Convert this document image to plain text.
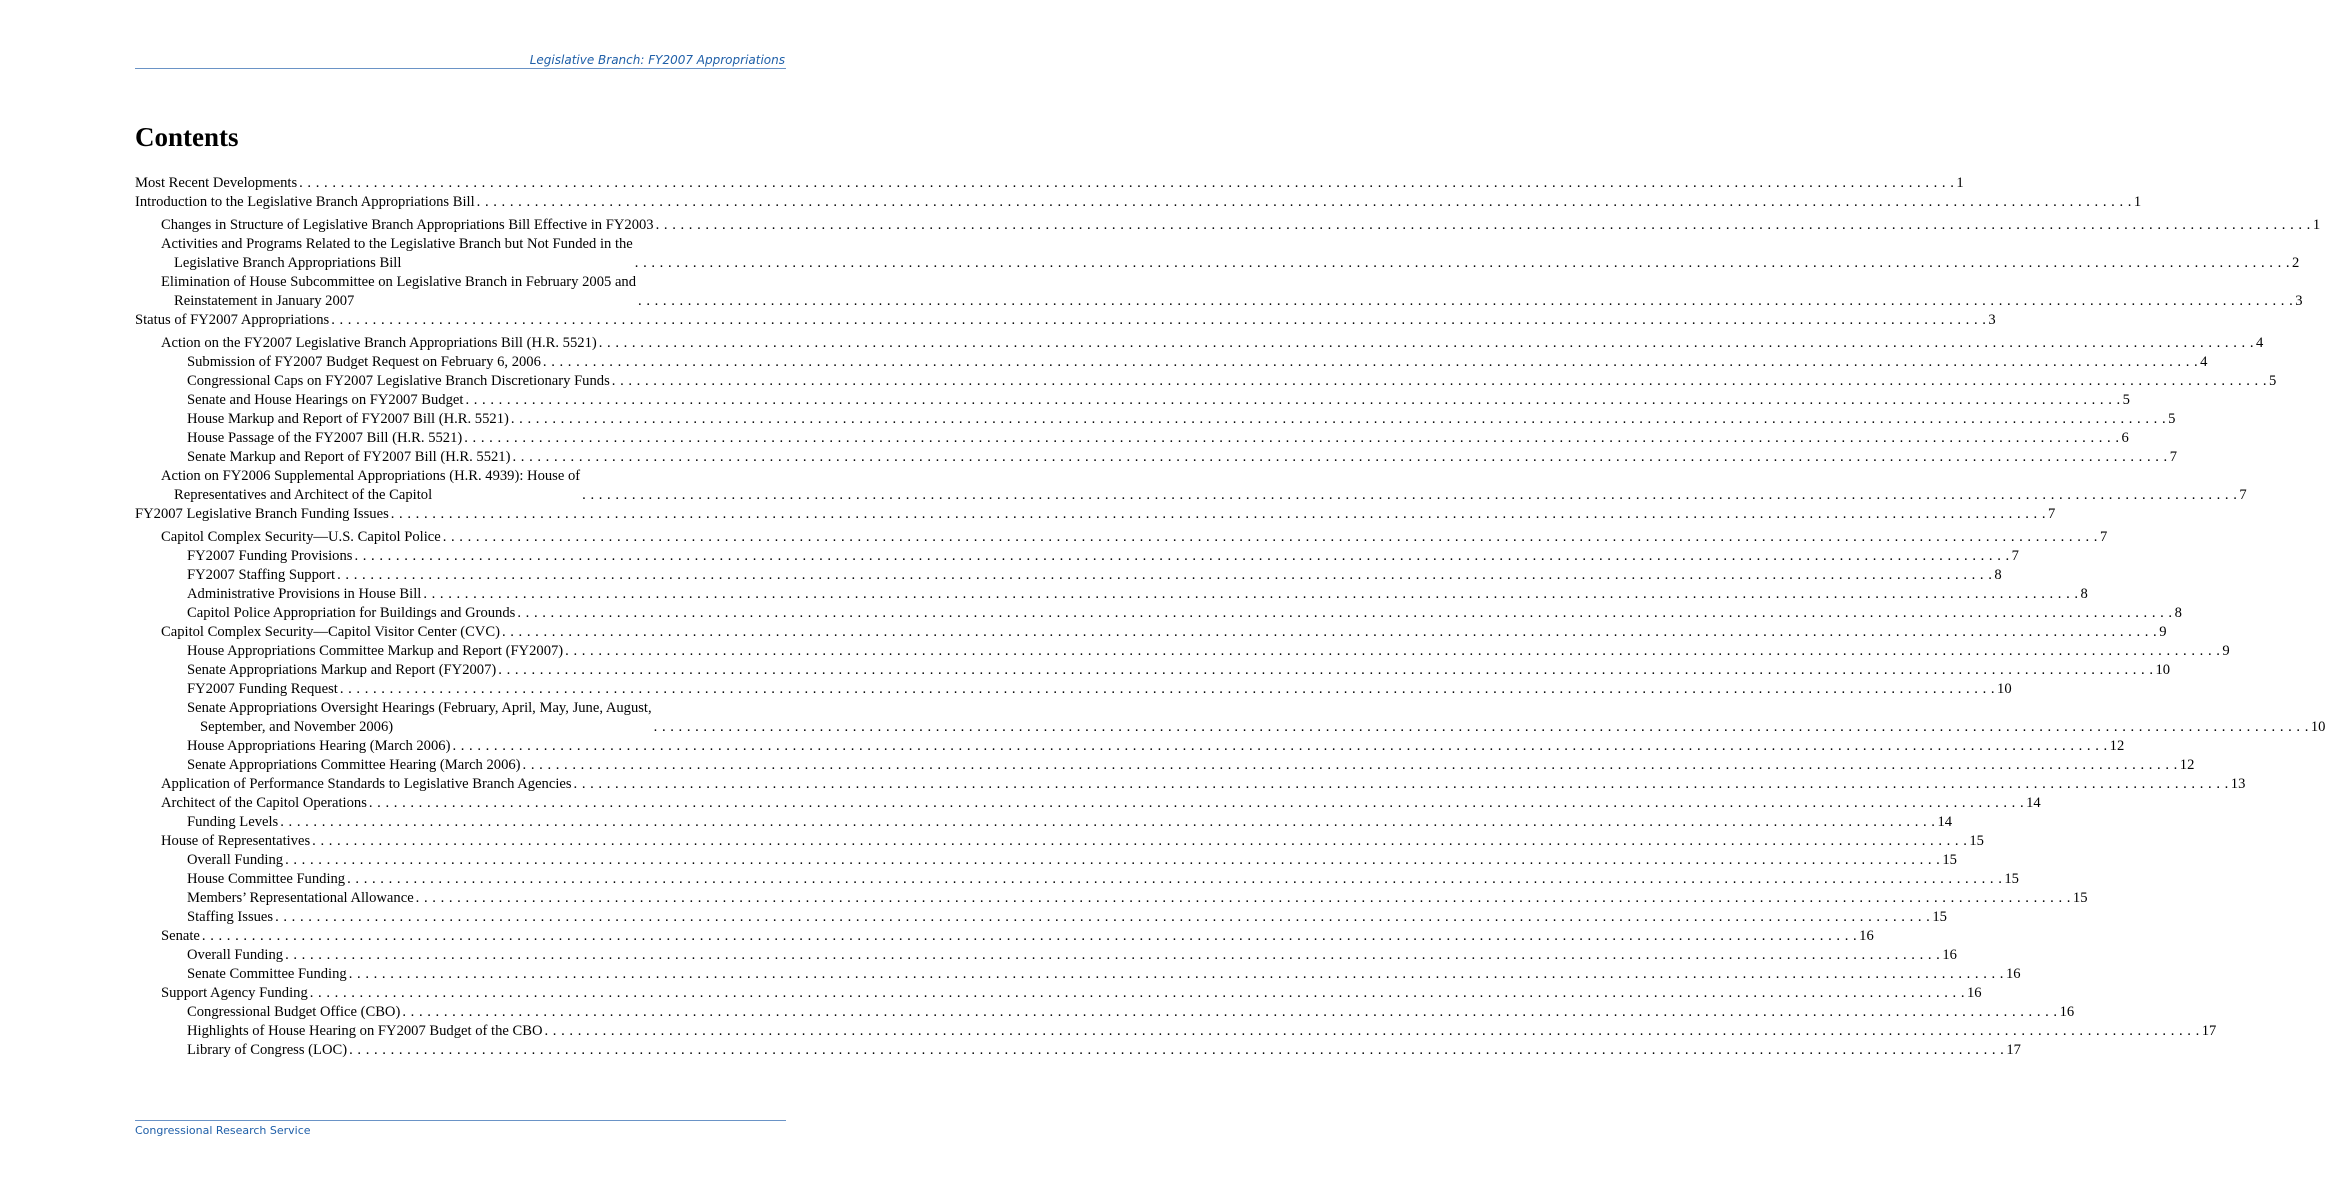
Legislative Branch: FY2007 Appropriations
Contents
Most Recent Developments . . . . . . . . . . . . . . . . . . . . . . . . . . . . . . . . . . . . . . . . . . . . . . . . . . . . . . . . . . . . . . . . . . . . . . . . . . . . . . . . . . . . . . . . . . . . . . . . . . . . . . . . . . . . . . . . . . . . . . . . . . . . . . . . . . . . . . . . . . . . . . . . . . . . . . . . . . . . . . . . . . . . . . . . . . . . . . . . . . . . . . . . . . . . . . . . . . . . . . . . 1
Introduction to the Legislative Branch Appropriations Bill . . . . . . . . . . . . . . . . . . . . . . . . . . . . . . . . . . . . . . . . . . . . . . . . . . . . . . . . . . . . . . . . . . . . . . . . . . . . . . . . . . . . . . . . . . . . . . . . . . . . . . . . . . . . . . . . . . . . . . . . . . . . . . . . . . . . . . . . . . . . . . . . . . . . . . . . . . . . . . . . . . . . . . . . . . . . . . . . . . . . . . . . . . . . . . . . . . . . . . . . 1
Changes in Structure of Legislative Branch Appropriations Bill Effective in FY2003 . . . . . . . . . . . . . . . . . . . . . . . . . . . . . . . . . . . . . . . . . . . . . . . . . . . . . . . . . . . . . . . . . . . . . . . . . . . . . . . . . . . . . . . . . . . . . . . . . . . . . . . . . . . . . . . . . . . . . . . . . . . . . . . . . . . . . . . . . . . . . . . . . . . . . . . . . . . . . . . . . . . . . . . . . . . . . . . . . . . . . . . . . . . . . . . . . . . . . . . . 1
Activities and Programs Related to the Legislative Branch but Not Funded in the
Legislative Branch Appropriations Bill	. . . . . . . . . . . . . . . . . . . . . . . . . . . . . . . . . . . . . . . . . . . . . . . . . . . . . . . . . . . . . . . . . . . . . . . . . . . . . . . . . . . . . . . . . . . . . . . . . . . . . . . . . . . . . . . . . . . . . . . . . . . . . . . . . . . . . . . . . . . . . . . . . . . . . . . . . . . . . . . . . . . . . . . . . . . . . . . . . . . . . . . . . . . . . . . . . . . . . . . . 2
Elimination of House Subcommittee on Legislative Branch in February 2005 and
Reinstatement in January 2007	. . . . . . . . . . . . . . . . . . . . . . . . . . . . . . . . . . . . . . . . . . . . . . . . . . . . . . . . . . . . . . . . . . . . . . . . . . . . . . . . . . . . . . . . . . . . . . . . . . . . . . . . . . . . . . . . . . . . . . . . . . . . . . . . . . . . . . . . . . . . . . . . . . . . . . . . . . . . . . . . . . . . . . . . . . . . . . . . . . . . . . . . . . . . . . . . . . . . . . . . 3
Status of FY2007 Appropriations . . . . . . . . . . . . . . . . . . . . . . . . . . . . . . . . . . . . . . . . . . . . . . . . . . . . . . . . . . . . . . . . . . . . . . . . . . . . . . . . . . . . . . . . . . . . . . . . . . . . . . . . . . . . . . . . . . . . . . . . . . . . . . . . . . . . . . . . . . . . . . . . . . . . . . . . . . . . . . . . . . . . . . . . . . . . . . . . . . . . . . . . . . . . . . . . . . . . . . . . 3
Action on the FY2007 Legislative Branch Appropriations Bill (H.R. 5521) . . . . . . . . . . . . . . . . . . . . . . . . . . . . . . . . . . . . . . . . . . . . . . . . . . . . . . . . . . . . . . . . . . . . . . . . . . . . . . . . . . . . . . . . . . . . . . . . . . . . . . . . . . . . . . . . . . . . . . . . . . . . . . . . . . . . . . . . . . . . . . . . . . . . . . . . . . . . . . . . . . . . . . . . . . . . . . . . . . . . . . . . . . . . . . . . . . . . . . . . 4
Submission of FY2007 Budget Request on February 6, 2006 . . . . . . . . . . . . . . . . . . . . . . . . . . . . . . . . . . . . . . . . . . . . . . . . . . . . . . . . . . . . . . . . . . . . . . . . . . . . . . . . . . . . . . . . . . . . . . . . . . . . . . . . . . . . . . . . . . . . . . . . . . . . . . . . . . . . . . . . . . . . . . . . . . . . . . . . . . . . . . . . . . . . . . . . . . . . . . . . . . . . . . . . . . . . . . . . . . . . . . . . 4
Congressional Caps on FY2007 Legislative Branch Discretionary Funds . . . . . . . . . . . . . . . . . . . . . . . . . . . . . . . . . . . . . . . . . . . . . . . . . . . . . . . . . . . . . . . . . . . . . . . . . . . . . . . . . . . . . . . . . . . . . . . . . . . . . . . . . . . . . . . . . . . . . . . . . . . . . . . . . . . . . . . . . . . . . . . . . . . . . . . . . . . . . . . . . . . . . . . . . . . . . . . . . . . . . . . . . . . . . . . . . . . . . . . . 5
Senate and House Hearings on FY2007 Budget . . . . . . . . . . . . . . . . . . . . . . . . . . . . . . . . . . . . . . . . . . . . . . . . . . . . . . . . . . . . . . . . . . . . . . . . . . . . . . . . . . . . . . . . . . . . . . . . . . . . . . . . . . . . . . . . . . . . . . . . . . . . . . . . . . . . . . . . . . . . . . . . . . . . . . . . . . . . . . . . . . . . . . . . . . . . . . . . . . . . . . . . . . . . . . . . . . . . . . . . 5
House Markup and Report of FY2007 Bill (H.R. 5521) . . . . . . . . . . . . . . . . . . . . . . . . . . . . . . . . . . . . . . . . . . . . . . . . . . . . . . . . . . . . . . . . . . . . . . . . . . . . . . . . . . . . . . . . . . . . . . . . . . . . . . . . . . . . . . . . . . . . . . . . . . . . . . . . . . . . . . . . . . . . . . . . . . . . . . . . . . . . . . . . . . . . . . . . . . . . . . . . . . . . . . . . . . . . . . . . . . . . . . . . 5
House Passage of the FY2007 Bill (H.R. 5521) . . . . . . . . . . . . . . . . . . . . . . . . . . . . . . . . . . . . . . . . . . . . . . . . . . . . . . . . . . . . . . . . . . . . . . . . . . . . . . . . . . . . . . . . . . . . . . . . . . . . . . . . . . . . . . . . . . . . . . . . . . . . . . . . . . . . . . . . . . . . . . . . . . . . . . . . . . . . . . . . . . . . . . . . . . . . . . . . . . . . . . . . . . . . . . . . . . . . . . . . 6
Senate Markup and Report of FY2007 Bill (H.R. 5521) . . . . . . . . . . . . . . . . . . . . . . . . . . . . . . . . . . . . . . . . . . . . . . . . . . . . . . . . . . . . . . . . . . . . . . . . . . . . . . . . . . . . . . . . . . . . . . . . . . . . . . . . . . . . . . . . . . . . . . . . . . . . . . . . . . . . . . . . . . . . . . . . . . . . . . . . . . . . . . . . . . . . . . . . . . . . . . . . . . . . . . . . . . . . . . . . . . . . . . . . 7
Action on FY2006 Supplemental Appropriations (H.R. 4939): House of
Representatives and Architect of the Capitol	. . . . . . . . . . . . . . . . . . . . . . . . . . . . . . . . . . . . . . . . . . . . . . . . . . . . . . . . . . . . . . . . . . . . . . . . . . . . . . . . . . . . . . . . . . . . . . . . . . . . . . . . . . . . . . . . . . . . . . . . . . . . . . . . . . . . . . . . . . . . . . . . . . . . . . . . . . . . . . . . . . . . . . . . . . . . . . . . . . . . . . . . . . . . . . . . . . . . . . . . 7
FY2007 Legislative Branch Funding Issues . . . . . . . . . . . . . . . . . . . . . . . . . . . . . . . . . . . . . . . . . . . . . . . . . . . . . . . . . . . . . . . . . . . . . . . . . . . . . . . . . . . . . . . . . . . . . . . . . . . . . . . . . . . . . . . . . . . . . . . . . . . . . . . . . . . . . . . . . . . . . . . . . . . . . . . . . . . . . . . . . . . . . . . . . . . . . . . . . . . . . . . . . . . . . . . . . . . . . . . . 7
Capitol Complex Security—U.S. Capitol Police . . . . . . . . . . . . . . . . . . . . . . . . . . . . . . . . . . . . . . . . . . . . . . . . . . . . . . . . . . . . . . . . . . . . . . . . . . . . . . . . . . . . . . . . . . . . . . . . . . . . . . . . . . . . . . . . . . . . . . . . . . . . . . . . . . . . . . . . . . . . . . . . . . . . . . . . . . . . . . . . . . . . . . . . . . . . . . . . . . . . . . . . . . . . . . . . . . . . . . . . 7
FY2007 Funding Provisions . . . . . . . . . . . . . . . . . . . . . . . . . . . . . . . . . . . . . . . . . . . . . . . . . . . . . . . . . . . . . . . . . . . . . . . . . . . . . . . . . . . . . . . . . . . . . . . . . . . . . . . . . . . . . . . . . . . . . . . . . . . . . . . . . . . . . . . . . . . . . . . . . . . . . . . . . . . . . . . . . . . . . . . . . . . . . . . . . . . . . . . . . . . . . . . . . . . . . . . . 7
FY2007 Staffing Support . . . . . . . . . . . . . . . . . . . . . . . . . . . . . . . . . . . . . . . . . . . . . . . . . . . . . . . . . . . . . . . . . . . . . . . . . . . . . . . . . . . . . . . . . . . . . . . . . . . . . . . . . . . . . . . . . . . . . . . . . . . . . . . . . . . . . . . . . . . . . . . . . . . . . . . . . . . . . . . . . . . . . . . . . . . . . . . . . . . . . . . . . . . . . . . . . . . . . . . . 8
Administrative Provisions in House Bill . . . . . . . . . . . . . . . . . . . . . . . . . . . . . . . . . . . . . . . . . . . . . . . . . . . . . . . . . . . . . . . . . . . . . . . . . . . . . . . . . . . . . . . . . . . . . . . . . . . . . . . . . . . . . . . . . . . . . . . . . . . . . . . . . . . . . . . . . . . . . . . . . . . . . . . . . . . . . . . . . . . . . . . . . . . . . . . . . . . . . . . . . . . . . . . . . . . . . . . . 8
Capitol Police Appropriation for Buildings and Grounds . . . . . . . . . . . . . . . . . . . . . . . . . . . . . . . . . . . . . . . . . . . . . . . . . . . . . . . . . . . . . . . . . . . . . . . . . . . . . . . . . . . . . . . . . . . . . . . . . . . . . . . . . . . . . . . . . . . . . . . . . . . . . . . . . . . . . . . . . . . . . . . . . . . . . . . . . . . . . . . . . . . . . . . . . . . . . . . . . . . . . . . . . . . . . . . . . . . . . . . . 8
Capitol Complex Security—Capitol Visitor Center (CVC) . . . . . . . . . . . . . . . . . . . . . . . . . . . . . . . . . . . . . . . . . . . . . . . . . . . . . . . . . . . . . . . . . . . . . . . . . . . . . . . . . . . . . . . . . . . . . . . . . . . . . . . . . . . . . . . . . . . . . . . . . . . . . . . . . . . . . . . . . . . . . . . . . . . . . . . . . . . . . . . . . . . . . . . . . . . . . . . . . . . . . . . . . . . . . . . . . . . . . . . . 9
House Appropriations Committee Markup and Report (FY2007) . . . . . . . . . . . . . . . . . . . . . . . . . . . . . . . . . . . . . . . . . . . . . . . . . . . . . . . . . . . . . . . . . . . . . . . . . . . . . . . . . . . . . . . . . . . . . . . . . . . . . . . . . . . . . . . . . . . . . . . . . . . . . . . . . . . . . . . . . . . . . . . . . . . . . . . . . . . . . . . . . . . . . . . . . . . . . . . . . . . . . . . . . . . . . . . . . . . . . . . . 9
Senate Appropriations Markup and Report (FY2007) . . . . . . . . . . . . . . . . . . . . . . . . . . . . . . . . . . . . . . . . . . . . . . . . . . . . . . . . . . . . . . . . . . . . . . . . . . . . . . . . . . . . . . . . . . . . . . . . . . . . . . . . . . . . . . . . . . . . . . . . . . . . . . . . . . . . . . . . . . . . . . . . . . . . . . . . . . . . . . . . . . . . . . . . . . . . . . . . . . . . . . . . . . . . . . . . . . . . . . . . 10
FY2007 Funding Request . . . . . . . . . . . . . . . . . . . . . . . . . . . . . . . . . . . . . . . . . . . . . . . . . . . . . . . . . . . . . . . . . . . . . . . . . . . . . . . . . . . . . . . . . . . . . . . . . . . . . . . . . . . . . . . . . . . . . . . . . . . . . . . . . . . . . . . . . . . . . . . . . . . . . . . . . . . . . . . . . . . . . . . . . . . . . . . . . . . . . . . . . . . . . . . . . . . . . . . . 10
Senate Appropriations Oversight Hearings (February, April, May, June, August,
September, and November 2006)	. . . . . . . . . . . . . . . . . . . . . . . . . . . . . . . . . . . . . . . . . . . . . . . . . . . . . . . . . . . . . . . . . . . . . . . . . . . . . . . . . . . . . . . . . . . . . . . . . . . . . . . . . . . . . . . . . . . . . . . . . . . . . . . . . . . . . . . . . . . . . . . . . . . . . . . . . . . . . . . . . . . . . . . . . . . . . . . . . . . . . . . . . . . . . . . . . . . . . . . . 10
House Appropriations Hearing (March 2006) . . . . . . . . . . . . . . . . . . . . . . . . . . . . . . . . . . . . . . . . . . . . . . . . . . . . . . . . . . . . . . . . . . . . . . . . . . . . . . . . . . . . . . . . . . . . . . . . . . . . . . . . . . . . . . . . . . . . . . . . . . . . . . . . . . . . . . . . . . . . . . . . . . . . . . . . . . . . . . . . . . . . . . . . . . . . . . . . . . . . . . . . . . . . . . . . . . . . . . . . 12
Senate Appropriations Committee Hearing (March 2006) . . . . . . . . . . . . . . . . . . . . . . . . . . . . . . . . . . . . . . . . . . . . . . . . . . . . . . . . . . . . . . . . . . . . . . . . . . . . . . . . . . . . . . . . . . . . . . . . . . . . . . . . . . . . . . . . . . . . . . . . . . . . . . . . . . . . . . . . . . . . . . . . . . . . . . . . . . . . . . . . . . . . . . . . . . . . . . . . . . . . . . . . . . . . . . . . . . . . . . . . 12
Application of Performance Standards to Legislative Branch Agencies . . . . . . . . . . . . . . . . . . . . . . . . . . . . . . . . . . . . . . . . . . . . . . . . . . . . . . . . . . . . . . . . . . . . . . . . . . . . . . . . . . . . . . . . . . . . . . . . . . . . . . . . . . . . . . . . . . . . . . . . . . . . . . . . . . . . . . . . . . . . . . . . . . . . . . . . . . . . . . . . . . . . . . . . . . . . . . . . . . . . . . . . . . . . . . . . . . . . . . . . 13
Architect of the Capitol Operations . . . . . . . . . . . . . . . . . . . . . . . . . . . . . . . . . . . . . . . . . . . . . . . . . . . . . . . . . . . . . . . . . . . . . . . . . . . . . . . . . . . . . . . . . . . . . . . . . . . . . . . . . . . . . . . . . . . . . . . . . . . . . . . . . . . . . . . . . . . . . . . . . . . . . . . . . . . . . . . . . . . . . . . . . . . . . . . . . . . . . . . . . . . . . . . . . . . . . . . . 14
Funding Levels . . . . . . . . . . . . . . . . . . . . . . . . . . . . . . . . . . . . . . . . . . . . . . . . . . . . . . . . . . . . . . . . . . . . . . . . . . . . . . . . . . . . . . . . . . . . . . . . . . . . . . . . . . . . . . . . . . . . . . . . . . . . . . . . . . . . . . . . . . . . . . . . . . . . . . . . . . . . . . . . . . . . . . . . . . . . . . . . . . . . . . . . . . . . . . . . . . . . . . . . 14
House of Representatives . . . . . . . . . . . . . . . . . . . . . . . . . . . . . . . . . . . . . . . . . . . . . . . . . . . . . . . . . . . . . . . . . . . . . . . . . . . . . . . . . . . . . . . . . . . . . . . . . . . . . . . . . . . . . . . . . . . . . . . . . . . . . . . . . . . . . . . . . . . . . . . . . . . . . . . . . . . . . . . . . . . . . . . . . . . . . . . . . . . . . . . . . . . . . . . . . . . . . . . . 15
Overall Funding . . . . . . . . . . . . . . . . . . . . . . . . . . . . . . . . . . . . . . . . . . . . . . . . . . . . . . . . . . . . . . . . . . . . . . . . . . . . . . . . . . . . . . . . . . . . . . . . . . . . . . . . . . . . . . . . . . . . . . . . . . . . . . . . . . . . . . . . . . . . . . . . . . . . . . . . . . . . . . . . . . . . . . . . . . . . . . . . . . . . . . . . . . . . . . . . . . . . . . . . 15
House Committee Funding . . . . . . . . . . . . . . . . . . . . . . . . . . . . . . . . . . . . . . . . . . . . . . . . . . . . . . . . . . . . . . . . . . . . . . . . . . . . . . . . . . . . . . . . . . . . . . . . . . . . . . . . . . . . . . . . . . . . . . . . . . . . . . . . . . . . . . . . . . . . . . . . . . . . . . . . . . . . . . . . . . . . . . . . . . . . . . . . . . . . . . . . . . . . . . . . . . . . . . . . 15
Members’ Representational Allowance . . . . . . . . . . . . . . . . . . . . . . . . . . . . . . . . . . . . . . . . . . . . . . . . . . . . . . . . . . . . . . . . . . . . . . . . . . . . . . . . . . . . . . . . . . . . . . . . . . . . . . . . . . . . . . . . . . . . . . . . . . . . . . . . . . . . . . . . . . . . . . . . . . . . . . . . . . . . . . . . . . . . . . . . . . . . . . . . . . . . . . . . . . . . . . . . . . . . . . . . 15
Staffing Issues . . . . . . . . . . . . . . . . . . . . . . . . . . . . . . . . . . . . . . . . . . . . . . . . . . . . . . . . . . . . . . . . . . . . . . . . . . . . . . . . . . . . . . . . . . . . . . . . . . . . . . . . . . . . . . . . . . . . . . . . . . . . . . . . . . . . . . . . . . . . . . . . . . . . . . . . . . . . . . . . . . . . . . . . . . . . . . . . . . . . . . . . . . . . . . . . . . . . . . . . 15
Senate . . . . . . . . . . . . . . . . . . . . . . . . . . . . . . . . . . . . . . . . . . . . . . . . . . . . . . . . . . . . . . . . . . . . . . . . . . . . . . . . . . . . . . . . . . . . . . . . . . . . . . . . . . . . . . . . . . . . . . . . . . . . . . . . . . . . . . . . . . . . . . . . . . . . . . . . . . . . . . . . . . . . . . . . . . . . . . . . . . . . . . . . . . . . . . . . . . . . . . . . 16
Overall Funding . . . . . . . . . . . . . . . . . . . . . . . . . . . . . . . . . . . . . . . . . . . . . . . . . . . . . . . . . . . . . . . . . . . . . . . . . . . . . . . . . . . . . . . . . . . . . . . . . . . . . . . . . . . . . . . . . . . . . . . . . . . . . . . . . . . . . . . . . . . . . . . . . . . . . . . . . . . . . . . . . . . . . . . . . . . . . . . . . . . . . . . . . . . . . . . . . . . . . . . . 16
Senate Committee Funding . . . . . . . . . . . . . . . . . . . . . . . . . . . . . . . . . . . . . . . . . . . . . . . . . . . . . . . . . . . . . . . . . . . . . . . . . . . . . . . . . . . . . . . . . . . . . . . . . . . . . . . . . . . . . . . . . . . . . . . . . . . . . . . . . . . . . . . . . . . . . . . . . . . . . . . . . . . . . . . . . . . . . . . . . . . . . . . . . . . . . . . . . . . . . . . . . . . . . . . . 16
Support Agency Funding . . . . . . . . . . . . . . . . . . . . . . . . . . . . . . . . . . . . . . . . . . . . . . . . . . . . . . . . . . . . . . . . . . . . . . . . . . . . . . . . . . . . . . . . . . . . . . . . . . . . . . . . . . . . . . . . . . . . . . . . . . . . . . . . . . . . . . . . . . . . . . . . . . . . . . . . . . . . . . . . . . . . . . . . . . . . . . . . . . . . . . . . . . . . . . . . . . . . . . . . 16
Congressional Budget Office (CBO) . . . . . . . . . . . . . . . . . . . . . . . . . . . . . . . . . . . . . . . . . . . . . . . . . . . . . . . . . . . . . . . . . . . . . . . . . . . . . . . . . . . . . . . . . . . . . . . . . . . . . . . . . . . . . . . . . . . . . . . . . . . . . . . . . . . . . . . . . . . . . . . . . . . . . . . . . . . . . . . . . . . . . . . . . . . . . . . . . . . . . . . . . . . . . . . . . . . . . . . . 16
Highlights of House Hearing on FY2007 Budget of the CBO . . . . . . . . . . . . . . . . . . . . . . . . . . . . . . . . . . . . . . . . . . . . . . . . . . . . . . . . . . . . . . . . . . . . . . . . . . . . . . . . . . . . . . . . . . . . . . . . . . . . . . . . . . . . . . . . . . . . . . . . . . . . . . . . . . . . . . . . . . . . . . . . . . . . . . . . . . . . . . . . . . . . . . . . . . . . . . . . . . . . . . . . . . . . . . . . . . . . . . . . 17
Library of Congress (LOC) . . . . . . . . . . . . . . . . . . . . . . . . . . . . . . . . . . . . . . . . . . . . . . . . . . . . . . . . . . . . . . . . . . . . . . . . . . . . . . . . . . . . . . . . . . . . . . . . . . . . . . . . . . . . . . . . . . . . . . . . . . . . . . . . . . . . . . . . . . . . . . . . . . . . . . . . . . . . . . . . . . . . . . . . . . . . . . . . . . . . . . . . . . . . . . . . . . . . . . . . 17
Congressional Research Service
